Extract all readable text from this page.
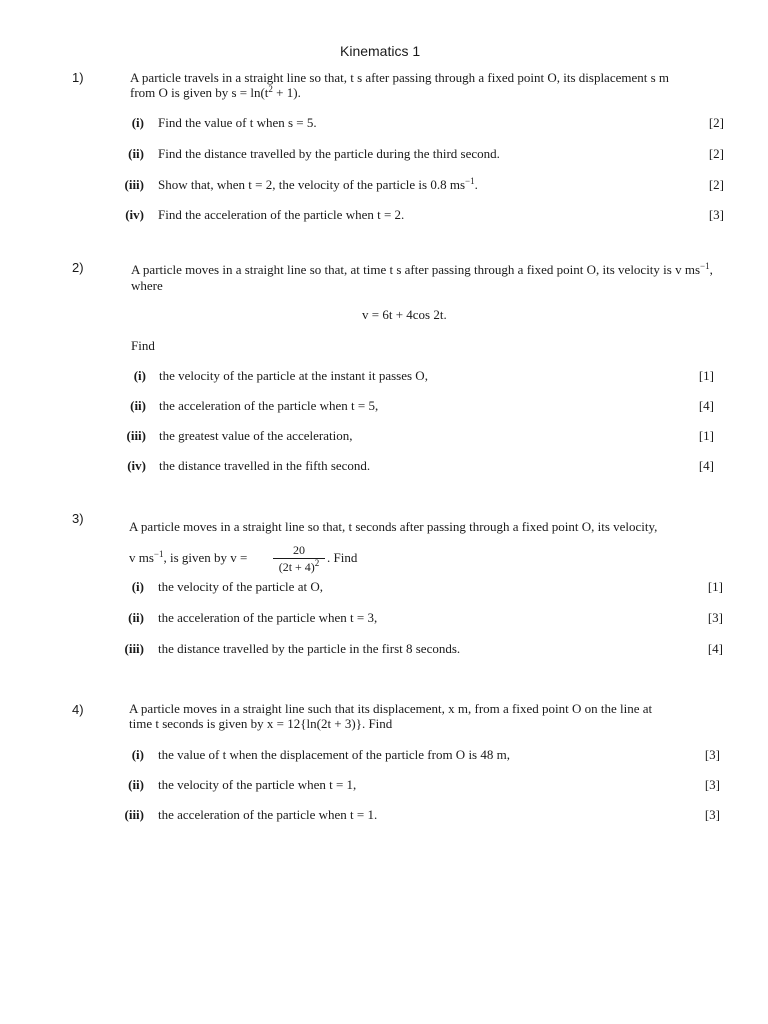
Kinematics 1
1)	A particle travels in a straight line so that, t s after passing through a fixed point O, its displacement s m
from O is given by $s = \ln(t^2 + 1)$.
(i) Find the value of t when s = 5.	[2]
(ii) Find the distance travelled by the particle during the third second.	[2]
(iii) Show that, when t = 2, the velocity of the particle is 0.8 $ms^{-1}$.	[2]
(iv) Find the acceleration of the particle when t = 2.	[3]
2)	A particle moves in a straight line so that, at time t s after passing through a fixed point O, its velocity is v $ms^{-1}$,
where
v = 6t + 4cos 2t.
Find
(i) the velocity of the particle at the instant it passes O,	[1]
(ii) the acceleration of the particle when t = 5,	[4]
(iii) the greatest value of the acceleration,	[1]
(iv) the distance travelled in the fifth second.	[4]
3)
A particle moves in a straight line so that, t seconds after passing through a fixed point O, its velocity,
v $ms^{-1}$, is given by v =	20
$(2t + 4)^2$ . Find
(i) the velocity of the particle at O,	[1]
(ii) the acceleration of the particle when t = 3,	[3]
(iii) the distance travelled by the particle in the first 8 seconds.	[4]
4)	A particle moves in a straight line such that its displacement, x m, from a fixed point O on the line at
time t seconds is given by x = 12{ln(2t + 3)}. Find
(i) the value of t when the displacement of the particle from O is 48 m,	[3]
(ii) the velocity of the particle when t = 1,	[3]
(iii) the acceleration of the particle when t = 1.	[3]
